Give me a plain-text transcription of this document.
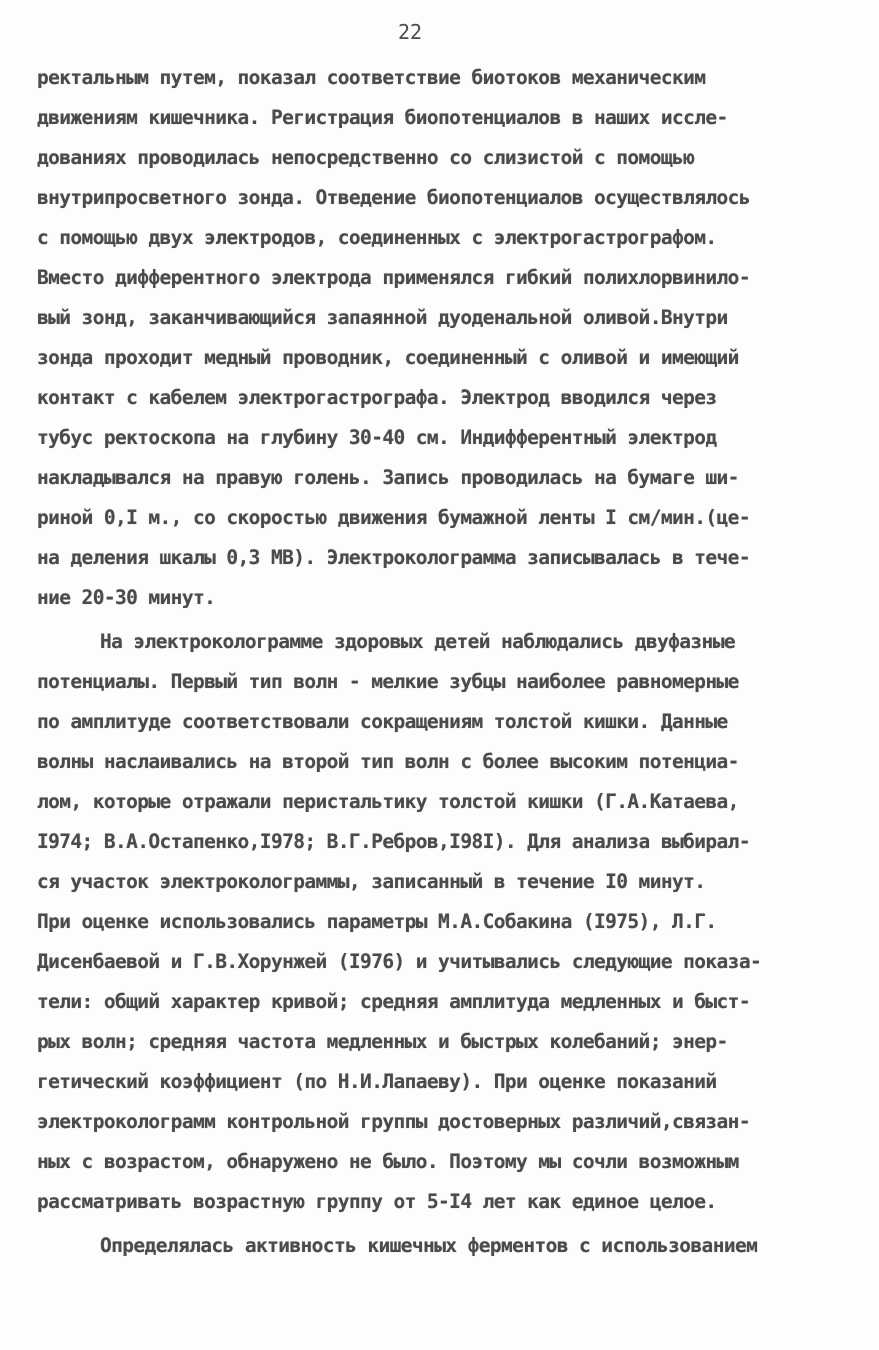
22
ректальным путем, показал соответствие биотоков механическим
движениям кишечника. Регистрация биопотенциалов в наших иссле-
дованиях проводилась непосредственно со слизистой с помощью
внутрипросветного зонда. Отведение биопотенциалов осуществлялось
с помощью двух электродов, соединенных с электрогастрографом.
Вместо дифферентного электрода применялся гибкий полихлорвинило-
вый зонд, заканчивающийся запаянной дуоденальной оливой.Внутри
зонда проходит медный проводник, соединенный с оливой и имеющий
контакт с кабелем электрогастрографа. Электрод вводился через
тубус ректоскопа на глубину 30-40 см. Индифферентный электрод
накладывался на правую голень. Запись проводилась на бумаге ши-
риной 0,I м., со скоростью движения бумажной ленты I см/мин.(це-
на деления шкалы 0,3 МВ). Электроколограмма записывалась в тече-
ние 20-30 минут.
На электроколограмме здоровых детей наблюдались двуфазные
потенциалы. Первый тип волн - мелкие зубцы наиболее равномерные
по амплитуде соответствовали сокращениям толстой кишки. Данные
волны наслаивались на второй тип волн с более высоким потенциа-
лом, которые отражали перистальтику толстой кишки (Г.А.Катаева,
I974; В.А.Остапенко,I978; В.Г.Ребров,I98I). Для анализа выбирал-
ся участок электроколограммы, записанный в течение I0 минут.
При оценке использовались параметры М.А.Собакина (I975), Л.Г.
Дисенбаевой и Г.В.Хорунжей (I976) и учитывались следующие показа-
тели: общий характер кривой; средняя амплитуда медленных и быст-
рых волн; средняя частота медленных и быстрых колебаний; энер-
гетический коэффициент (по Н.И.Лапаеву). При оценке показаний
электроколограмм контрольной группы достоверных различий,связан-
ных с возрастом, обнаружено не было. Поэтому мы сочли возможным
рассматривать возрастную группу от 5-I4 лет как единое целое.
Определялась активность кишечных ферментов с использованием
